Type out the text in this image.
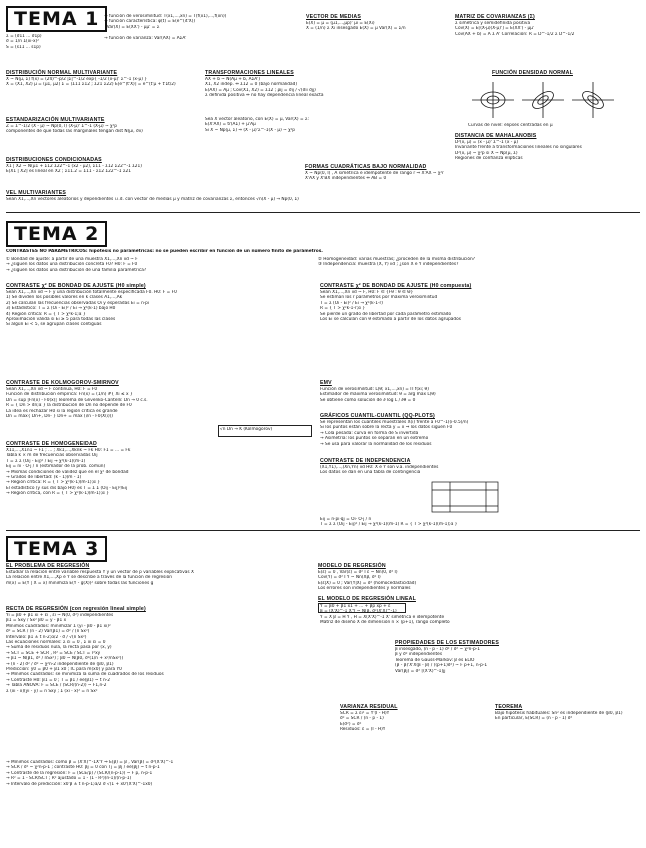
TEMA 1
Σ = (σ11 ... σ1p)
σ̂ = 1/n Σ(xi-x̄)²
S = (s11 ... s1p)
→ función de verosimilitud: T(x1,...,xn) = T(f(x1),...,f(xn))
→ función característica: φ(t) = E(e^(it'X))
Var(X) = E(XX') - μμ' = Σ

→ función de varianza: Var(AX) = AΣA'
DISTRIBUCIÓN NORMAL MULTIVARIANTE
X ~ N(μ, Σ) f(x) = (2π)^-p/2 |Σ|^-1/2 exp{ -1/2 (x-μ)' Σ^-1 (x-μ) }
X = (X1, X2) μ = (μ1, μ2) Σ = (Σ11 Σ12 ; Σ21 Σ22) E[e^(t'X)] = e^(t'μ + t'Σt/2)
ESTANDARIZACIÓN MULTIVARIANTE
Z = Σ^-1/2 (X - μ) ~ Np(0, I) (X-μ)' Σ^-1 (X-μ) ~ χ²p
componentes de que todas las marginales tengan dist N(μi, σii)
DISTRIBUCIONES CONDICIONADAS
X1 | X2 ~ N(μ1 + Σ12 Σ22^-1 (x2 - μ2), Σ11 - Σ12 Σ22^-1 Σ21)
E[X1 | X2] es lineal en X2 ; Σ11.2 = Σ11 - Σ12 Σ22^-1 Σ21
VEL MULTIVARIANTES
Sean X1,...,Xn vectores aleatorios y dependientes i.i.d. con vector de medias μ y matriz de covarianzas Σ, entonces √n(X̄ - μ) → Np(0, Σ)
VECTOR DE MEDIAS
E(X) = μ = (μ1,...,μp)' μi = E(Xi)
X̄ = (1/n) Σ Xi insesgado E(X̄) = μ Var(X̄) = Σ/n
MATRIZ DE COVARIANZAS (Σ)
Σ simétrica y semidefinida positiva
Cov(X) = E[(X-μ)(X-μ)'] = E(XX') - μμ'
Cov(AX + b) = A Σ A' Correlación: R = D^-1/2 Σ D^-1/2
TRANSFORMACIONES LINEALES
AX + b ~ N(Aμ + b, AΣA')
X1, X2 indep. ⇔ Σ12 = 0 (bajo normalidad)
E(AX) = Aμ ; Cov(X1, X2) = Σ12 ; ρij = σij / √(σii σjj)
Σ definida positiva ⇔ no hay dependencia lineal exacta
FUNCIÓN DENSIDAD NORMAL
Curvas de nivel: elipses centradas en μ
DISTANCIA DE MAHALANOBIS
D²(x, μ) = (x - μ)' Σ^-1 (x - μ)
Invariante frente a transformaciones lineales no singulares
D²(x, μ) ~ χ²p si X ~ Np(μ, Σ)
Regiones de confianza elípticas
Sea X vector aleatorio, con E(X) = μ, Var(X) = Σ:
E(X'AX) = tr(AΣ) + μ'Aμ
Si X ~ Np(μ, Σ) ⇒ (X - μ)'Σ^-1(X - μ) ~ χ²p
FORMAS CUADRÁTICAS BAJO NORMALIDAD
X ~ Np(0, I) , A simétrica e idempotente de rango r ⇒ X'AX ~ χ²r
X'AX y X'BX independientes ⇔ AB = 0
TEMA 2
CONTRASTES NO PARAMÉTRICOS: hipótesis no paramétricas: no se pueden escribir en función de un número finito de parámetros.
① Bondad de ajuste: a partir de una muestra X1,...,Xn iid ~ F
→ ¿siguen los datos una distribución concreta F0? H0: F = F0
→ ¿siguen los datos una distribución de una familia paramétrica?
② Homogeneidad: varias muestras; ¿proceden de la misma distribución?
③ Independencia: muestra (X, Y) iid ; ¿son X e Y independientes?
CONTRASTE χ² DE BONDAD DE AJUSTE (H0 simple)
Sean X1,...,Xn iid ~ F y una distribución totalmente especificada F0. H0: F = F0
1) Se dividen los posibles valores en k clases A1,...,Ak
2) Se calculan las frecuencias observadas Oi y esperadas Ei = n·pi
3) Estadístico: T = Σ (Oi - Ei)² / Ei → χ²(k-1) bajo H0
4) Región crítica: R = { T > χ²k-1;α }
Aproximación válida si Ei ≥ 5 para todas las clases
Si algún Ei < 5, se agrupan clases contiguas
CONTRASTE χ² DE BONDAD DE AJUSTE (H0 compuesta)
Sean X1,...,Xn iid ~ F, H0: F ∈ {Fθ : θ ∈ Θ}
Se estiman los r parámetros por máxima verosimilitud
T = Σ (Oi - Êi)² / Êi → χ²(k-1-r)
R = { T > χ²k-1-r;α }
Se pierde un grado de libertad por cada parámetro estimado
Los Êi se calculan con θ̂ estimado a partir de los datos agrupados
CONTRASTE DE KOLMOGOROV-SMIRNOV
Sean X1,...,Xn iid ~ F continua, H0: F = F0
Función de distribución empírica: Fn(x) = (1/n) #{ Xi ≤ x }
Dn = sup |Fn(x) - F0(x)| Teorema de Glivenko-Cantelli: Dn → 0 c.s.
R = { Dn > dn;α } la distribución de Dn no depende de F0
La idea es rechazar H0 si la región crítica es grande
Dn = max{ Dn+, Dn- } Dn+ = max (i/n - F0(X(i)))
√n Dn → K (Kolmogorov)
CONTRASTE DE HOMOGENEIDAD
X11,...,X1n1 ~ F1 ; ... ; Xk1,...,Xknk ~ Fk H0: F1 = ... = Fk
Tabla k × m de frecuencias observadas Oij
T = Σ Σ (Oij - Êij)² / Êij → χ²(k-1)(m-1)
Êij = ni · O·j / n (estimador de la prob. común)
→ Mismas condiciones de validez que en el χ² de bondad
→ Grados de libertad: (k - 1)(m - 1)
→ Región crítica: R = { T > χ²(k-1)(m-1);α }
El estadístico (y sus dis bajo H0) es T = Σ Σ (Oij - Êij)²/Êij
→ Región crítica, con R = { T > χ²(k-1)(m-1);α }
EMV
Función de verosimilitud: L(θ; x1,...,xn) = Π f(xi; θ)
Estimador de máxima verosimilitud: θ̂ = arg max L(θ)
Se obtiene como solución de ∂ log L / ∂θ = 0
GRÁFICOS CUANTIL-CUANTIL (QQ-PLOTS)
Se representan los cuantiles muestrales X(i) frente a F0^-1((i-0.5)/n)
Si los puntos están sobre la recta y = x ⇒ los datos siguen F0
→ Cola pesada: curva en forma de S invertida
→ Asimetría: los puntos se separan en un extremo
→ Se usa para valorar la normalidad de los residuos
CONTRASTE DE INDEPENDENCIA
(X1,Y1),...,(Xn,Yn) iid H0: X e Y son v.a. independientes
Los datos se dan en una tabla de contingencia
Êij = n·p̂i·q̂j = Oi· O·j / n
T = Σ Σ (Oij - Êij)² / Êij → χ²(k-1)(m-1) R = { T > χ²(k-1)(m-1);α }
TEMA 3
EL PROBLEMA DE REGRESIÓN
Estudiar la relación entre variable respuesta Y y un vector de p variables explicativas X
La relación entre X1,...,Xp e Y se describe a través de la función de regresión
m(x) = E(Y | X = x) minimiza E(Y - g(X))² sobre todas las funciones g
RECTA DE REGRESIÓN (con regresión lineal simple)
Yi = β0 + β1 xi + εi , εi ~ N(0, σ²) independientes
β̂1 = Sxy / Sx² β̂0 = ȳ - β̂1 x̄
Mínimos cuadrados: minimizar Σ (yi - β0 - β1 xi)²
σ̂² = SCR / (n - 2) Var(β̂1) = σ² / (n Sx²)
Intervalo: β̂1 ± t n-2;α/2 · σ̂ / √(n Sx²)
Las ecuaciones normales: Σ ε̂i = 0 , Σ xi ε̂i = 0
→ Suma de residuos nula, la recta pasa por (x̄, ȳ)
→ SCT = SCE + SCR , R² = SCE / SCT = r²xy
→ β̂1 ~ N(β1, σ² / nSx²) ; β̂0 ~ N(β0, σ²(1/n + x̄²/nSx²))
→ (n - 2) σ̂² / σ² ~ χ²n-2 independiente de (β̂0, β̂1)
Predicción: ŷ0 = β̂0 + β̂1 x0 ; IC para m(x0) y para Y0
→ Mínimos cuadrados: se minimiza la suma de cuadrados de los residuos
→ Contraste H0: β1 = 0 ; T = β̂1 / ee(β̂1) ~ t n-2
→ Tabla ANOVA: F = SCE / (SCR/(n-2)) ~ F1,n-2
Σ (xi - x̄)(yi - ȳ) = n Sxy ; Σ (xi - x̄)² = n Sx²
MODELO DE REGRESIÓN
E(ε) = 0 , Var(ε) = σ² I ε ~ Nn(0, σ² I)
Cov(Y) = σ² I Y ~ Nn(Xβ, σ² I)
E(ε|X) = 0 ; Var(Y|X) = σ² (homocedasticidad)
Los errores son independientes y normales
EL MODELO DE REGRESIÓN LINEAL
Y = β0 + β1 x1 + ... + βp xp + ε
β̂ = (X'X)^-1 X'Y ~ N(β, σ²(X'X)^-1)
Ŷ = X β̂ = H Y , H = X(X'X)^-1 X' simétrica e idempotente
Matriz de diseño X de dimensión n × (p+1), rango completo
PROPIEDADES DE LOS ESTIMADORES
β̂ insesgado, (n - p - 1) σ̂² / σ² ~ χ²n-p-1
β̂ y σ̂² independientes
Teorema de Gauss-Markov: β̂ es ELIO
(β̂ - β)'X'X(β̂ - β) / ((p+1)σ̂²) ~ F p+1, n-p-1
Var(β̂j) = σ² [(X'X)^-1]jj
VARIANZA RESIDUAL
SCR = Σ ε̂i² = Y'(I - H)Y
σ̂² = SCR / (n - p - 1)
E(σ̂²) = σ²
Residuos: ε̂ = (I - H)Y
TEOREMA
Bajo hipótesis habituales: Sn² es independiente de (β̂0, β̂1)
En particular, E(SCR) = (n - p - 1) σ²
→ Mínimos cuadrados: como β̂ = (X'X)^-1X'Y ⇒ E(β̂) = β , Var(β̂) = σ²(X'X)^-1
→ SCR / σ² ~ χ²n-p-1 ; contraste H0: βj = 0 con Tj = β̂j / ee(β̂j) ~ t n-p-1
→ Contraste de la regresión: F = (SCE/p) / (SCR/(n-p-1)) ~ F p, n-p-1
→ R² = 1 - SCR/SCT ; R² ajustado = 1 - (1 - R²)(n-1)/(n-p-1)
→ Intervalo de predicción: x0'β̂ ± t n-p-1;α/2 σ̂ √(1 + x0'(X'X)^-1x0)
